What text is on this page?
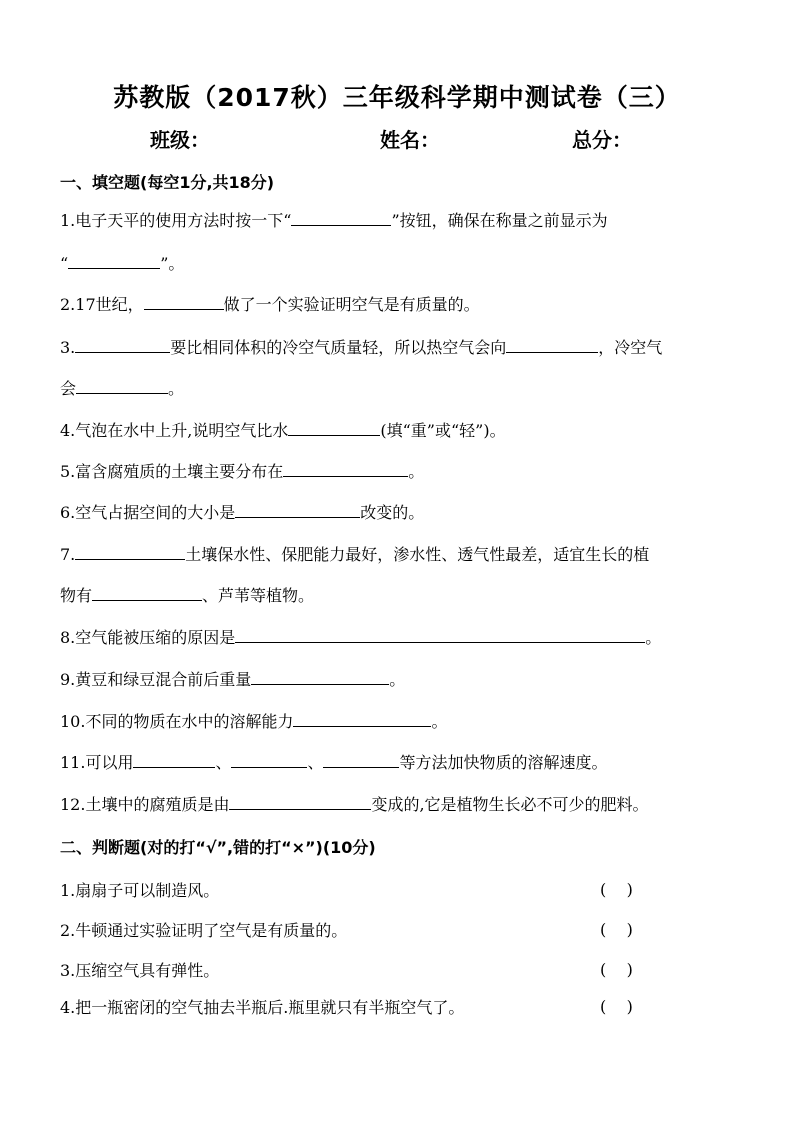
苏教版（2017秋）三年级科学期中测试卷（三）
班级：	姓名：	总分：
一、填空题(每空1分,共18分)
1.电子天平的使用方法时按一下“	”按钮，确保在称量之前显示为
“	”。
2.17世纪，	做了一个实验证明空气是有质量的。
3.	要比相同体积的冷空气质量轻，所以热空气会向	，冷空气
会	。
4.气泡在水中上升,说明空气比水	(填“重”或“轻”)。
5.富含腐殖质的土壤主要分布在	。
6.空气占据空间的大小是	改变的。
7.	土壤保水性、保肥能力最好，渗水性、透气性最差，适宜生长的植
物有	、芦苇等植物。
8.空气能被压缩的原因是	。
9.黄豆和绿豆混合前后重量	。
10.不同的物质在水中的溶解能力	。
11.可以用	、	、	等方法加快物质的溶解速度。
12.土壤中的腐殖质是由	变成的,它是植物生长必不可少的肥料。
二、判断题(对的打“√”,错的打“×”)(10分)
1.扇扇子可以制造风。	(    )
2.牛顿通过实验证明了空气是有质量的。	(    )
3.压缩空气具有弹性。	(    )
4.把一瓶密闭的空气抽去半瓶后.瓶里就只有半瓶空气了。	(    )
